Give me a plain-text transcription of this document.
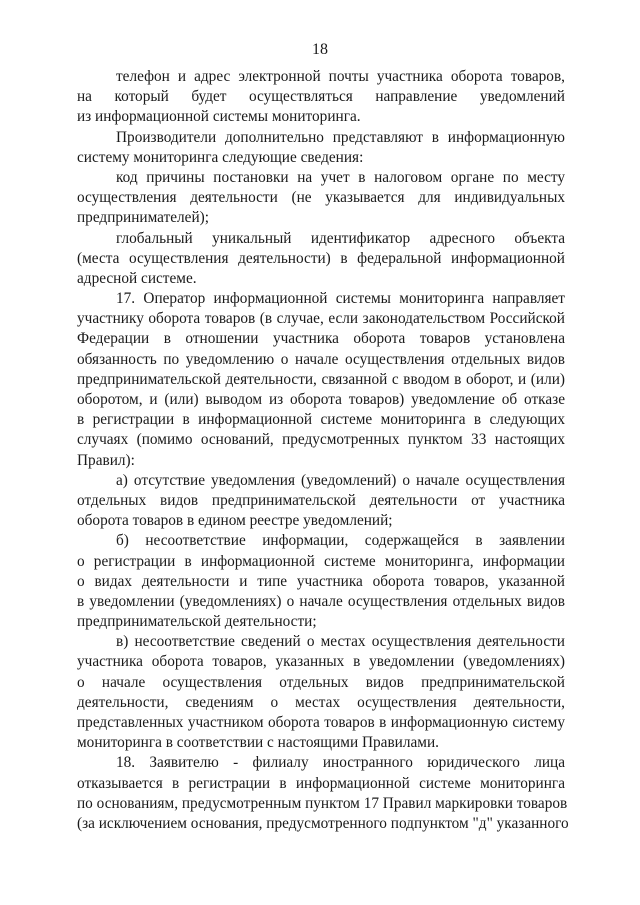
18
телефон и адрес электронной почты участника оборота товаров,
на который будет осуществляться направление уведомлений
из информационной системы мониторинга.
Производители дополнительно представляют в информационную
систему мониторинга следующие сведения:
код причины постановки на учет в налоговом органе по месту
осуществления деятельности (не указывается для индивидуальных
предпринимателей);
глобальный уникальный идентификатор адресного объекта
(места осуществления деятельности) в федеральной информационной
адресной системе.
17. Оператор информационной системы мониторинга направляет
участнику оборота товаров (в случае, если законодательством Российской
Федерации в отношении участника оборота товаров установлена
обязанность по уведомлению о начале осуществления отдельных видов
предпринимательской деятельности, связанной с вводом в оборот, и (или)
оборотом, и (или) выводом из оборота товаров) уведомление об отказе
в регистрации в информационной системе мониторинга в следующих
случаях (помимо оснований, предусмотренных пунктом 33 настоящих
Правил):
а) отсутствие уведомления (уведомлений) о начале осуществления
отдельных видов предпринимательской деятельности от участника
оборота товаров в едином реестре уведомлений;
б) несоответствие информации, содержащейся в заявлении
о регистрации в информационной системе мониторинга, информации
о видах деятельности и типе участника оборота товаров, указанной
в уведомлении (уведомлениях) о начале осуществления отдельных видов
предпринимательской деятельности;
в) несоответствие сведений о местах осуществления деятельности
участника оборота товаров, указанных в уведомлении (уведомлениях)
о начале осуществления отдельных видов предпринимательской
деятельности, сведениям о местах осуществления деятельности,
представленных участником оборота товаров в информационную систему
мониторинга в соответствии с настоящими Правилами.
18. Заявителю - филиалу иностранного юридического лица
отказывается в регистрации в информационной системе мониторинга
по основаниям, предусмотренным пунктом 17 Правил маркировки товаров
(за исключением основания, предусмотренного подпунктом "д" указанного
